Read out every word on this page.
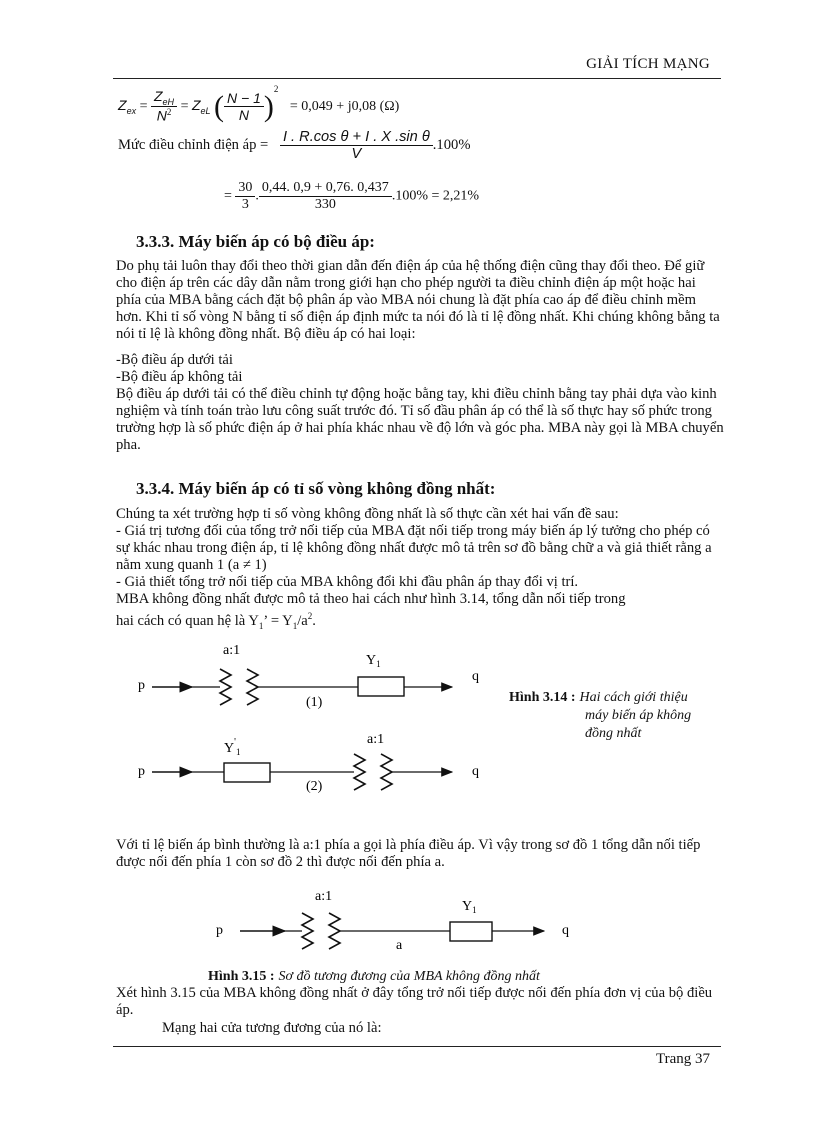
GIẢI TÍCH MẠNG
$Z_{ex} = \frac{Z_{eH}}{N^2} = Z_{eL}$ ( $\frac{N - 1}{N} )^2 = 0,049 + j0,08$ (Ω)
Mức điều chỉnh điện áp = $\frac{\text{I . R.cos θ + I . X .sin θ}}{V} .100\%$
= $\frac{30}{3}$ . $\frac{0,44. 0,9 + 0,76. 0,437}{330} .100\% = 2,21\%$
3.3.3. Máy biến áp có bộ điều áp:

Do phụ tải luôn thay đổi theo thời gian dẫn đến điện áp của hệ thống điện cũng thay đổi theo. Để giữ cho điện áp trên các dây dẫn nằm trong giới hạn cho phép người ta điều chỉnh điện áp một hoặc hai phía của MBA bằng cách đặt bộ phân áp vào MBA nói chung là đặt phía cao áp để điều chỉnh mềm hơn. Khi tỉ số vòng N bằng tỉ số điện áp định mức ta nói đó là tỉ lệ đồng nhất. Khi chúng không bằng ta nói tỉ lệ là không đồng nhất. Bộ điều áp có hai loại:

-Bộ điều áp dưới tải

-Bộ điều áp không tải

Bộ điều áp dưới tải có thể điều chỉnh tự động hoặc bằng tay, khi điều chỉnh bằng tay phải dựa vào kinh nghiệm và tính toán trào lưu công suất trước đó. Tỉ số đầu phân áp có thể là số thực hay số phức trong trường hợp là số phức điện áp ở hai phía khác nhau về độ lớn và góc pha. MBA này gọi là MBA chuyển pha.

3.3.4. Máy biến áp có tỉ số vòng không đồng nhất:

Chúng ta xét trường hợp tỉ số vòng không đồng nhất là số thực cần xét hai vấn đề sau:

- Giá trị tương đối của tổng trở nối tiếp của MBA đặt nối tiếp trong máy biến áp lý tưởng cho phép có sự khác nhau trong điện áp, tỉ lệ không đồng nhất được mô tả trên sơ đồ bằng chữ a và giả thiết rằng a nằm xung quanh 1 (a ≠ 1)

- Giả thiết tổng trở nối tiếp của MBA không đổi khi đầu phân áp thay đổi vị trí.

MBA không đồng nhất được mô tả theo hai cách như hình 3.14, tổng dẫn nối tiếp trong hai cách có quan hệ là $Y_1$’ = $Y_1/a^2$.

p
q
a:1
$Y_1$
(1)
p	q
$Y'_1$
a:1
(2)
Hình 3.14 : Hai cách giới thiệu
máy biến áp không
đồng nhất

Với tỉ lệ biến áp bình thường là a:1 phía a gọi là phía điều áp. Vì vậy trong sơ đồ 1 tổng dẫn nối tiếp được nối đến phía 1 còn sơ đồ 2 thì được nối đến phía a.

a:1
$Y_1$
p	q
a
Hình 3.15 : Sơ đồ tương đương của MBA không đồng nhất

Xét hình 3.15 của MBA không đồng nhất ở đây tổng trở nối tiếp được nối đến phía đơn vị của bộ điều áp.

Mạng hai cửa tương đương của nó là:

Trang 37
